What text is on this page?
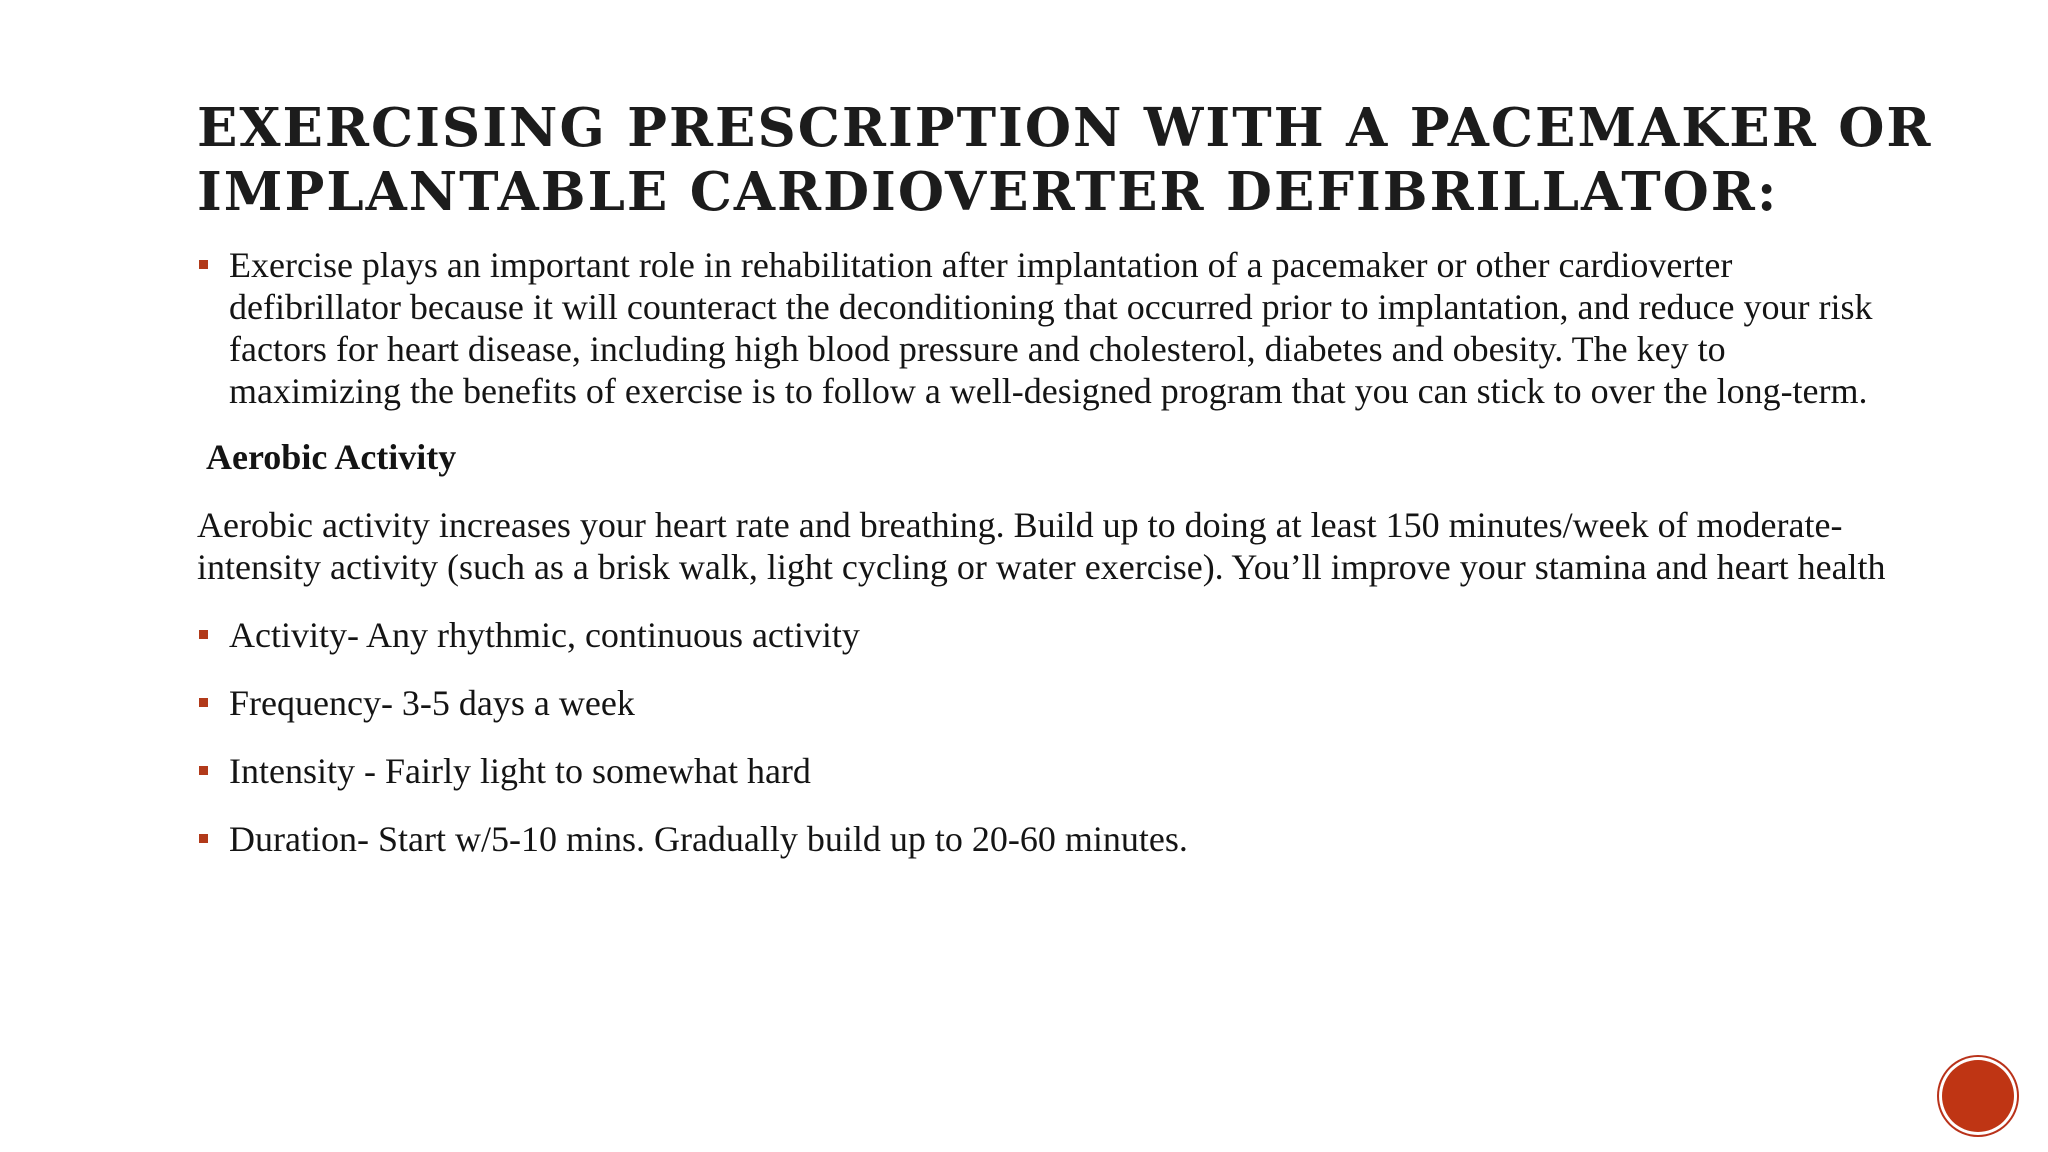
EXERCISING PRESCRIPTION WITH A PACEMAKER OR
IMPLANTABLE CARDIOVERTER DEFIBRILLATOR:

Exercise plays an important role in rehabilitation after implantation of a pacemaker or other cardioverter defibrillator because it will counteract the deconditioning that occurred prior to implantation, and reduce your risk factors for heart disease, including high blood pressure and cholesterol, diabetes and obesity. The key to maximizing the benefits of exercise is to follow a well-designed program that you can stick to over the long-term.

Aerobic Activity

Aerobic activity increases your heart rate and breathing. Build up to doing at least 150 minutes/week of moderate-intensity activity (such as a brisk walk, light cycling or water exercise). You’ll improve your stamina and heart health

Activity- Any rhythmic, continuous activity

Frequency- 3-5 days a week

Intensity - Fairly light to somewhat hard

Duration- Start w/5-10 mins. Gradually build up to 20-60 minutes.
